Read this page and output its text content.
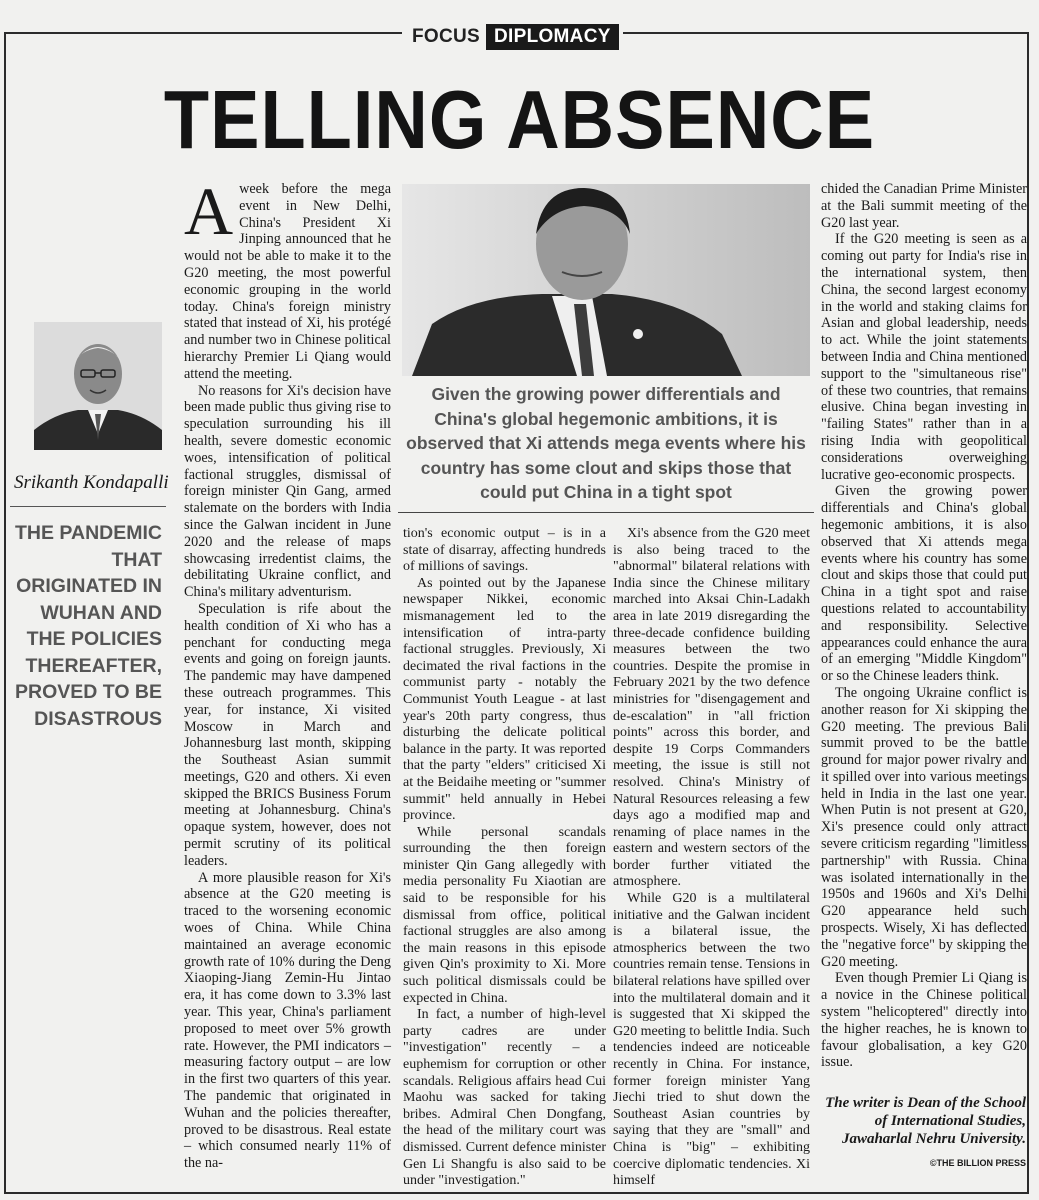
FOCUS DIPLOMACY
TELLING ABSENCE
Srikanth Kondapalli
THE PANDEMIC THAT ORIGINATED IN WUHAN AND THE POLICIES THEREAFTER, PROVED TO BE DISASTROUS
Given the growing power differentials and China's global hegemonic ambitions, it is observed that Xi attends mega events where his country has some clout and skips those that could put China in a tight spot

A week before the mega event in New Delhi, China's President Xi Jinping announced that he would not be able to make it to the G20 meeting, the most powerful economic grouping in the world today. China's foreign ministry stated that instead of Xi, his protégé and number two in Chinese political hierarchy Premier Li Qiang would attend the meeting.

No reasons for Xi's decision have been made public thus giving rise to speculation surrounding his ill health, severe domestic economic woes, intensification of political factional struggles, dismissal of foreign minister Qin Gang, armed stalemate on the borders with India since the Galwan incident in June 2020 and the release of maps showcasing irredentist claims, the debilitating Ukraine conflict, and China's military adventurism.

Speculation is rife about the health condition of Xi who has a penchant for conducting mega events and going on foreign jaunts. The pandemic may have dampened these outreach programmes. This year, for instance, Xi visited Moscow in March and Johannesburg last month, skipping the Southeast Asian summit meetings, G20 and others. Xi even skipped the BRICS Business Forum meeting at Johannesburg. China's opaque system, however, does not permit scrutiny of its political leaders.

A more plausible reason for Xi's absence at the G20 meeting is traced to the worsening economic woes of China. While China maintained an average economic growth rate of 10% during the Deng Xiaoping-Jiang Zemin-Hu Jintao era, it has come down to 3.3% last year. This year, China's parliament proposed to meet over 5% growth rate. However, the PMI indicators – measuring factory output – are low in the first two quarters of this year. The pandemic that originated in Wuhan and the policies thereafter, proved to be disastrous. Real estate – which consumed nearly 11% of the na-

tion's economic output – is in a state of disarray, affecting hundreds of millions of savings.

As pointed out by the Japanese newspaper Nikkei, economic mismanagement led to the intensification of intra-party factional struggles. Previously, Xi decimated the rival factions in the communist party - notably the Communist Youth League - at last year's 20th party congress, thus disturbing the delicate political balance in the party. It was reported that the party "elders" criticised Xi at the Beidaihe meeting or "summer summit" held annually in Hebei province.

While personal scandals surrounding the then foreign minister Qin Gang allegedly with media personality Fu Xiaotian are said to be responsible for his dismissal from office, political factional struggles are also among the main reasons in this episode given Qin's proximity to Xi. More such political dismissals could be expected in China.

In fact, a number of high-level party cadres are under "investigation" recently – a euphemism for corruption or other scandals. Religious affairs head Cui Maohu was sacked for taking bribes. Admiral Chen Dongfang, the head of the military court was dismissed. Current defence minister Gen Li Shangfu is also said to be under "investigation."

Xi's absence from the G20 meet is also being traced to the "abnormal" bilateral relations with India since the Chinese military marched into Aksai Chin-Ladakh area in late 2019 disregarding the three-decade confidence building measures between the two countries. Despite the promise in February 2021 by the two defence ministries for "disengagement and de-escalation" in "all friction points" across this border, and despite 19 Corps Commanders meeting, the issue is still not resolved. China's Ministry of Natural Resources releasing a few days ago a modified map and renaming of place names in the eastern and western sectors of the border further vitiated the atmosphere.

While G20 is a multilateral initiative and the Galwan incident is a bilateral issue, the atmospherics between the two countries remain tense. Tensions in bilateral relations have spilled over into the multilateral domain and it is suggested that Xi skipped the G20 meeting to belittle India. Such tendencies indeed are noticeable recently in China. For instance, former foreign minister Yang Jiechi tried to shut down the Southeast Asian countries by saying that they are "small" and China is "big" – exhibiting coercive diplomatic tendencies. Xi himself

chided the Canadian Prime Minister at the Bali summit meeting of the G20 last year.

If the G20 meeting is seen as a coming out party for India's rise in the international system, then China, the second largest economy in the world and staking claims for Asian and global leadership, needs to act. While the joint statements between India and China mentioned support to the "simultaneous rise" of these two countries, that remains elusive. China began investing in "failing States" rather than in a rising India with geopolitical considerations overweighing lucrative geo-economic prospects.

Given the growing power differentials and China's global hegemonic ambitions, it is also observed that Xi attends mega events where his country has some clout and skips those that could put China in a tight spot and raise questions related to accountability and responsibility. Selective appearances could enhance the aura of an emerging "Middle Kingdom" or so the Chinese leaders think.

The ongoing Ukraine conflict is another reason for Xi skipping the G20 meeting. The previous Bali summit proved to be the battle ground for major power rivalry and it spilled over into various meetings held in India in the last one year. When Putin is not present at G20, Xi's presence could only attract severe criticism regarding "limitless partnership" with Russia. China was isolated internationally in the 1950s and 1960s and Xi's Delhi G20 appearance held such prospects. Wisely, Xi has deflected the "negative force" by skipping the G20 meeting.

Even though Premier Li Qiang is a novice in the Chinese political system "helicoptered" directly into the higher reaches, he is known to favour globalisation, a key G20 issue.

The writer is Dean of the School of International Studies, Jawaharlal Nehru University.
©THE BILLION PRESS
